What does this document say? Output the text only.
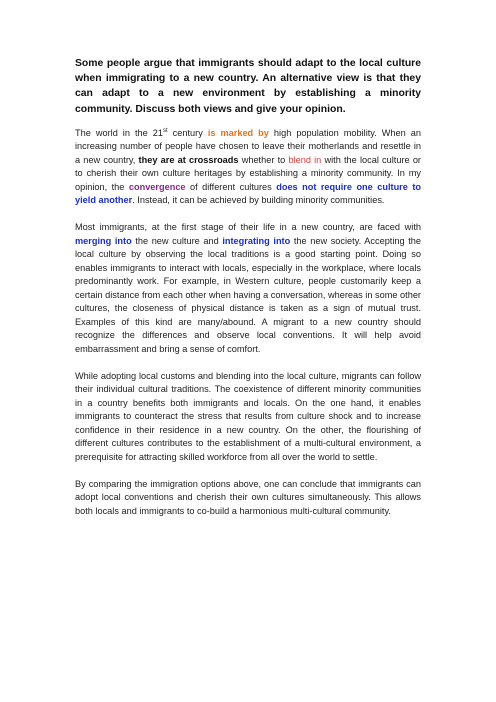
Some people argue that immigrants should adapt to the local culture when immigrating to a new country. An alternative view is that they can adapt to a new environment by establishing a minority community. Discuss both views and give your opinion.

The world in the 21st century is marked by high population mobility. When an increasing number of people have chosen to leave their motherlands and resettle in a new country, they are at crossroads whether to blend in with the local culture or to cherish their own culture heritages by establishing a minority community. In my opinion, the convergence of different cultures does not require one culture to yield another. Instead, it can be achieved by building minority communities.

Most immigrants, at the first stage of their life in a new country, are faced with merging into the new culture and integrating into the new society. Accepting the local culture by observing the local traditions is a good starting point. Doing so enables immigrants to interact with locals, especially in the workplace, where locals predominantly work. For example, in Western culture, people customarily keep a certain distance from each other when having a conversation, whereas in some other cultures, the closeness of physical distance is taken as a sign of mutual trust. Examples of this kind are many/abound. A migrant to a new country should recognize the differences and observe local conventions. It will help avoid embarrassment and bring a sense of comfort.

While adopting local customs and blending into the local culture, migrants can follow their individual cultural traditions. The coexistence of different minority communities in a country benefits both immigrants and locals. On the one hand, it enables immigrants to counteract the stress that results from culture shock and to increase confidence in their residence in a new country. On the other, the flourishing of different cultures contributes to the establishment of a multi-cultural environment, a prerequisite for attracting skilled workforce from all over the world to settle.

By comparing the immigration options above, one can conclude that immigrants can adopt local conventions and cherish their own cultures simultaneously. This allows both locals and immigrants to co-build a harmonious multi-cultural community.
